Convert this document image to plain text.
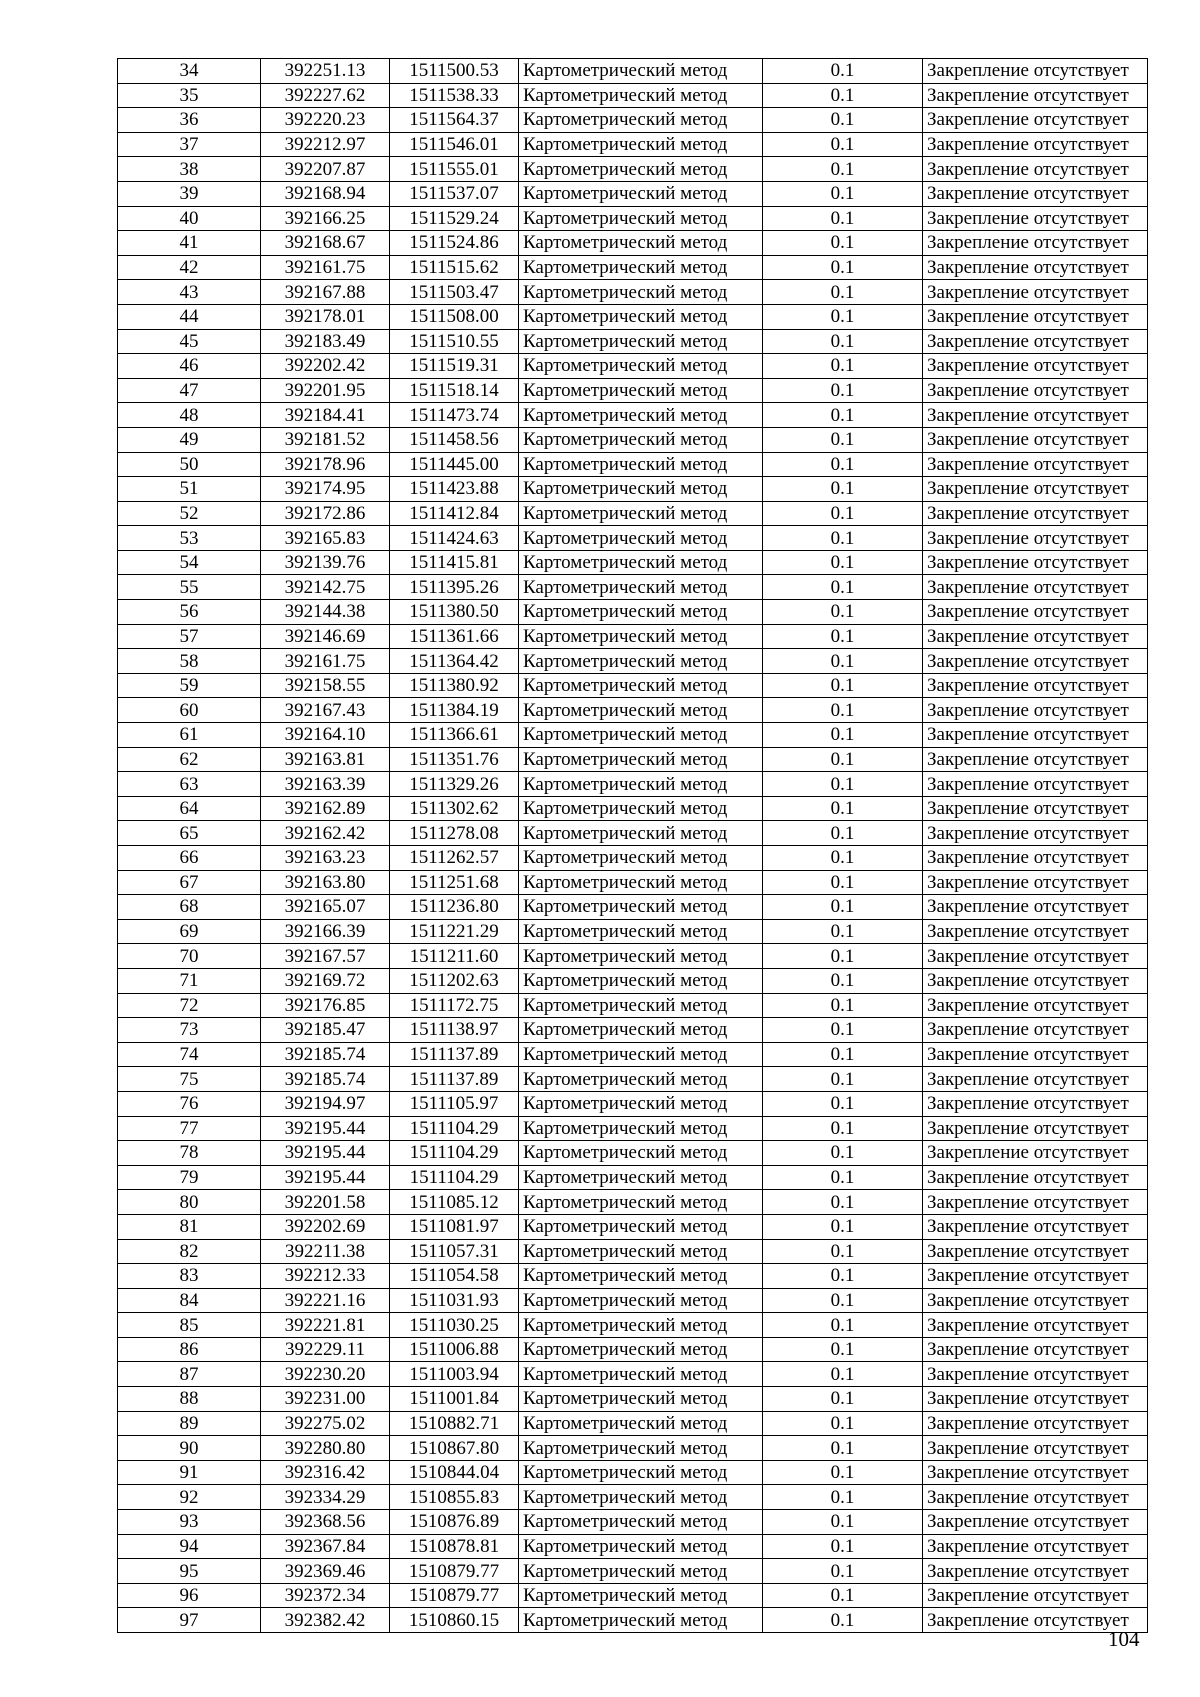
34	392251.13	1511500.53	Картометрический метод	0.1	Закрепление отсутствует
35	392227.62	1511538.33	Картометрический метод	0.1	Закрепление отсутствует
36	392220.23	1511564.37	Картометрический метод	0.1	Закрепление отсутствует
37	392212.97	1511546.01	Картометрический метод	0.1	Закрепление отсутствует
38	392207.87	1511555.01	Картометрический метод	0.1	Закрепление отсутствует
39	392168.94	1511537.07	Картометрический метод	0.1	Закрепление отсутствует
40	392166.25	1511529.24	Картометрический метод	0.1	Закрепление отсутствует
41	392168.67	1511524.86	Картометрический метод	0.1	Закрепление отсутствует
42	392161.75	1511515.62	Картометрический метод	0.1	Закрепление отсутствует
43	392167.88	1511503.47	Картометрический метод	0.1	Закрепление отсутствует
44	392178.01	1511508.00	Картометрический метод	0.1	Закрепление отсутствует
45	392183.49	1511510.55	Картометрический метод	0.1	Закрепление отсутствует
46	392202.42	1511519.31	Картометрический метод	0.1	Закрепление отсутствует
47	392201.95	1511518.14	Картометрический метод	0.1	Закрепление отсутствует
48	392184.41	1511473.74	Картометрический метод	0.1	Закрепление отсутствует
49	392181.52	1511458.56	Картометрический метод	0.1	Закрепление отсутствует
50	392178.96	1511445.00	Картометрический метод	0.1	Закрепление отсутствует
51	392174.95	1511423.88	Картометрический метод	0.1	Закрепление отсутствует
52	392172.86	1511412.84	Картометрический метод	0.1	Закрепление отсутствует
53	392165.83	1511424.63	Картометрический метод	0.1	Закрепление отсутствует
54	392139.76	1511415.81	Картометрический метод	0.1	Закрепление отсутствует
55	392142.75	1511395.26	Картометрический метод	0.1	Закрепление отсутствует
56	392144.38	1511380.50	Картометрический метод	0.1	Закрепление отсутствует
57	392146.69	1511361.66	Картометрический метод	0.1	Закрепление отсутствует
58	392161.75	1511364.42	Картометрический метод	0.1	Закрепление отсутствует
59	392158.55	1511380.92	Картометрический метод	0.1	Закрепление отсутствует
60	392167.43	1511384.19	Картометрический метод	0.1	Закрепление отсутствует
61	392164.10	1511366.61	Картометрический метод	0.1	Закрепление отсутствует
62	392163.81	1511351.76	Картометрический метод	0.1	Закрепление отсутствует
63	392163.39	1511329.26	Картометрический метод	0.1	Закрепление отсутствует
64	392162.89	1511302.62	Картометрический метод	0.1	Закрепление отсутствует
65	392162.42	1511278.08	Картометрический метод	0.1	Закрепление отсутствует
66	392163.23	1511262.57	Картометрический метод	0.1	Закрепление отсутствует
67	392163.80	1511251.68	Картометрический метод	0.1	Закрепление отсутствует
68	392165.07	1511236.80	Картометрический метод	0.1	Закрепление отсутствует
69	392166.39	1511221.29	Картометрический метод	0.1	Закрепление отсутствует
70	392167.57	1511211.60	Картометрический метод	0.1	Закрепление отсутствует
71	392169.72	1511202.63	Картометрический метод	0.1	Закрепление отсутствует
72	392176.85	1511172.75	Картометрический метод	0.1	Закрепление отсутствует
73	392185.47	1511138.97	Картометрический метод	0.1	Закрепление отсутствует
74	392185.74	1511137.89	Картометрический метод	0.1	Закрепление отсутствует
75	392185.74	1511137.89	Картометрический метод	0.1	Закрепление отсутствует
76	392194.97	1511105.97	Картометрический метод	0.1	Закрепление отсутствует
77	392195.44	1511104.29	Картометрический метод	0.1	Закрепление отсутствует
78	392195.44	1511104.29	Картометрический метод	0.1	Закрепление отсутствует
79	392195.44	1511104.29	Картометрический метод	0.1	Закрепление отсутствует
80	392201.58	1511085.12	Картометрический метод	0.1	Закрепление отсутствует
81	392202.69	1511081.97	Картометрический метод	0.1	Закрепление отсутствует
82	392211.38	1511057.31	Картометрический метод	0.1	Закрепление отсутствует
83	392212.33	1511054.58	Картометрический метод	0.1	Закрепление отсутствует
84	392221.16	1511031.93	Картометрический метод	0.1	Закрепление отсутствует
85	392221.81	1511030.25	Картометрический метод	0.1	Закрепление отсутствует
86	392229.11	1511006.88	Картометрический метод	0.1	Закрепление отсутствует
87	392230.20	1511003.94	Картометрический метод	0.1	Закрепление отсутствует
88	392231.00	1511001.84	Картометрический метод	0.1	Закрепление отсутствует
89	392275.02	1510882.71	Картометрический метод	0.1	Закрепление отсутствует
90	392280.80	1510867.80	Картометрический метод	0.1	Закрепление отсутствует
91	392316.42	1510844.04	Картометрический метод	0.1	Закрепление отсутствует
92	392334.29	1510855.83	Картометрический метод	0.1	Закрепление отсутствует
93	392368.56	1510876.89	Картометрический метод	0.1	Закрепление отсутствует
94	392367.84	1510878.81	Картометрический метод	0.1	Закрепление отсутствует
95	392369.46	1510879.77	Картометрический метод	0.1	Закрепление отсутствует
96	392372.34	1510879.77	Картометрический метод	0.1	Закрепление отсутствует
97	392382.42	1510860.15	Картометрический метод	0.1	Закрепление отсутствует
104
